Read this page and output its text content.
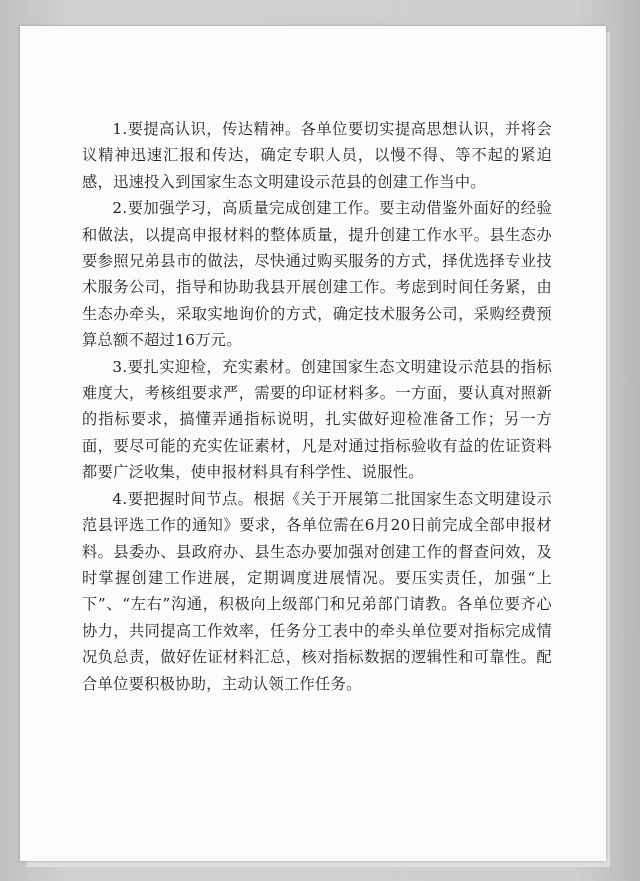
1.要提高认识，传达精神。各单位要切实提高思想认识，并将会议精神迅速汇报和传达，确定专职人员，以慢不得、等不起的紧迫感，迅速投入到国家生态文明建设示范县的创建工作当中。

2.要加强学习，高质量完成创建工作。要主动借鉴外面好的经验和做法，以提高申报材料的整体质量，提升创建工作水平。县生态办要参照兄弟县市的做法，尽快通过购买服务的方式，择优选择专业技术服务公司，指导和协助我县开展创建工作。考虑到时间任务紧，由生态办牵头，采取实地询价的方式，确定技术服务公司，采购经费预算总额不超过16万元。

3.要扎实迎检，充实素材。创建国家生态文明建设示范县的指标难度大，考核组要求严，需要的印证材料多。一方面，要认真对照新的指标要求，搞懂弄通指标说明，扎实做好迎检准备工作；另一方面，要尽可能的充实佐证素材，凡是对通过指标验收有益的佐证资料都要广泛收集，使申报材料具有科学性、说服性。

4.要把握时间节点。根据《关于开展第二批国家生态文明建设示范县评选工作的通知》要求，各单位需在6月20日前完成全部申报材料。县委办、县政府办、县生态办要加强对创建工作的督查问效，及时掌握创建工作进展，定期调度进展情况。要压实责任，加强“上下”、“左右”沟通，积极向上级部门和兄弟部门请教。各单位要齐心协力，共同提高工作效率，任务分工表中的牵头单位要对指标完成情况负总责，做好佐证材料汇总，核对指标数据的逻辑性和可靠性。配合单位要积极协助，主动认领工作任务。
